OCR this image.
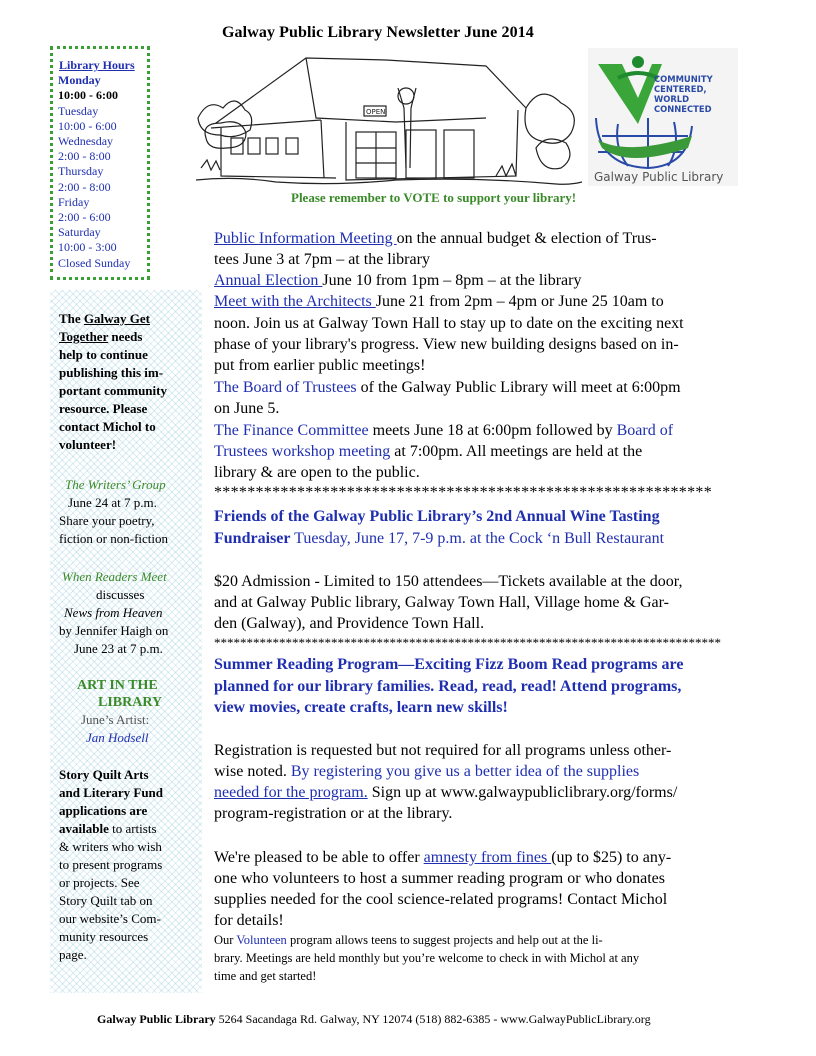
Galway Public Library Newsletter June 2014
Library Hours
Monday
10:00 - 6:00
Tuesday
10:00 - 6:00
Wednesday
2:00 - 8:00
Thursday
2:00 - 8:00
Friday
2:00 - 6:00
Saturday
10:00 - 3:00
Closed Sunday
OPEN
COMMUNITY
CENTERED,
WORLD
CONNECTED
Galway Public Library
Please remember to VOTE to support your library!
The Galway Get
Together needs
help to continue
publishing this im-
portant community
resource. Please
contact Michol to
volunteer!
The Writers’ Group
June 24 at 7 p.m.
Share your poetry,
fiction or non-fiction
When Readers Meet
discusses
News from Heaven
by Jennifer Haigh on
June 23 at 7 p.m.
ART IN THE
LIBRARY
June’s Artist:
Jan Hodsell
Story Quilt Arts
and Literary Fund
applications are
available to artists
& writers who wish
to present programs
or projects. See
Story Quilt tab on
our website’s Com-
munity resources
page.
Public Information Meeting on the annual budget & election of Trus-
tees June 3 at 7pm – at the library
Annual Election June 10 from 1pm – 8pm – at the library
Meet with the Architects June 21 from 2pm – 4pm or June 25 10am to
noon. Join us at Galway Town Hall to stay up to date on the exciting next
phase of your library's progress. View new building designs based on in-
put from earlier public meetings!
The Board of Trustees of the Galway Public Library will meet at 6:00pm
on June 5.
The Finance Committee meets June 18 at 6:00pm followed by Board of
Trustees workshop meeting at 7:00pm. All meetings are held at the
library & are open to the public.
************************************************************
Friends of the Galway Public Library’s 2nd Annual Wine Tasting
Fundraiser Tuesday, June 17, 7-9 p.m. at the Cock ‘n Bull Restaurant
$20 Admission - Limited to 150 attendees—Tickets available at the door,
and at Galway Public library, Galway Town Hall, Village home & Gar-
den (Galway), and Providence Town Hall.
******************************************************************************
Summer Reading Program—Exciting Fizz Boom Read programs are
planned for our library families. Read, read, read! Attend programs,
view movies, create crafts, learn new skills!
Registration is requested but not required for all programs unless other-
wise noted. By registering you give us a better idea of the supplies
needed for the program. Sign up at www.galwaypubliclibrary.org/forms/
program-registration or at the library.
We're pleased to be able to offer amnesty from fines (up to $25) to any-
one who volunteers to host a summer reading program or who donates
supplies needed for the cool science-related programs! Contact Michol
for details!
Our Volunteen program allows teens to suggest projects and help out at the li-
brary. Meetings are held monthly but you’re welcome to check in with Michol at any
time and get started!
Galway Public Library 5264 Sacandaga Rd. Galway, NY 12074 (518) 882-6385 - www.GalwayPublicLibrary.org
